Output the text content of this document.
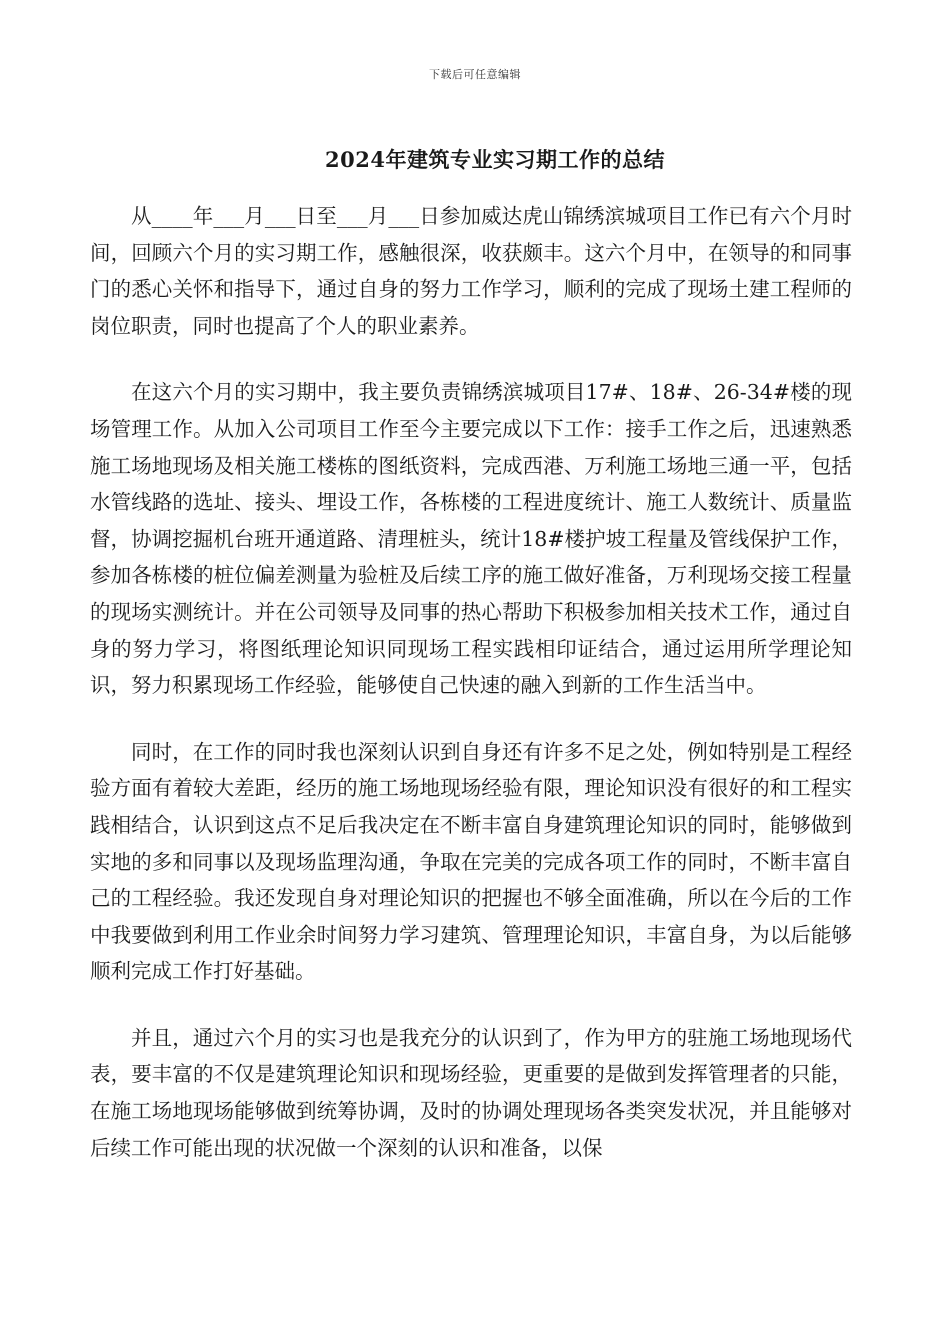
下载后可任意编辑
2024年建筑专业实习期工作的总结

从____年___月___日至___月___日参加威达虎山锦绣滨城项目工作已有六个月时间，回顾六个月的实习期工作，感触很深，收获颇丰。这六个月中，在领导的和同事门的悉心关怀和指导下，通过自身的努力工作学习，顺利的完成了现场土建工程师的岗位职责，同时也提高了个人的职业素养。

在这六个月的实习期中，我主要负责锦绣滨城项目17#、18#、26-34#楼的现场管理工作。从加入公司项目工作至今主要完成以下工作：接手工作之后，迅速熟悉施工场地现场及相关施工楼栋的图纸资料，完成西港、万利施工场地三通一平，包括水管线路的选址、接头、埋设工作，各栋楼的工程进度统计、施工人数统计、质量监督，协调挖掘机台班开通道路、清理桩头，统计18#楼护坡工程量及管线保护工作，参加各栋楼的桩位偏差测量为验桩及后续工序的施工做好准备，万利现场交接工程量的现场实测统计。并在公司领导及同事的热心帮助下积极参加相关技术工作，通过自身的努力学习，将图纸理论知识同现场工程实践相印证结合，通过运用所学理论知识，努力积累现场工作经验，能够使自己快速的融入到新的工作生活当中。

同时，在工作的同时我也深刻认识到自身还有许多不足之处，例如特别是工程经验方面有着较大差距，经历的施工场地现场经验有限，理论知识没有很好的和工程实践相结合，认识到这点不足后我决定在不断丰富自身建筑理论知识的同时，能够做到实地的多和同事以及现场监理沟通，争取在完美的完成各项工作的同时，不断丰富自己的工程经验。我还发现自身对理论知识的把握也不够全面准确，所以在今后的工作中我要做到利用工作业余时间努力学习建筑、管理理论知识，丰富自身，为以后能够顺利完成工作打好基础。

并且，通过六个月的实习也是我充分的认识到了，作为甲方的驻施工场地现场代表，要丰富的不仅是建筑理论知识和现场经验，更重要的是做到发挥管理者的只能，在施工场地现场能够做到统筹协调，及时的协调处理现场各类突发状况，并且能够对后续工作可能出现的状况做一个深刻的认识和准备，以保
